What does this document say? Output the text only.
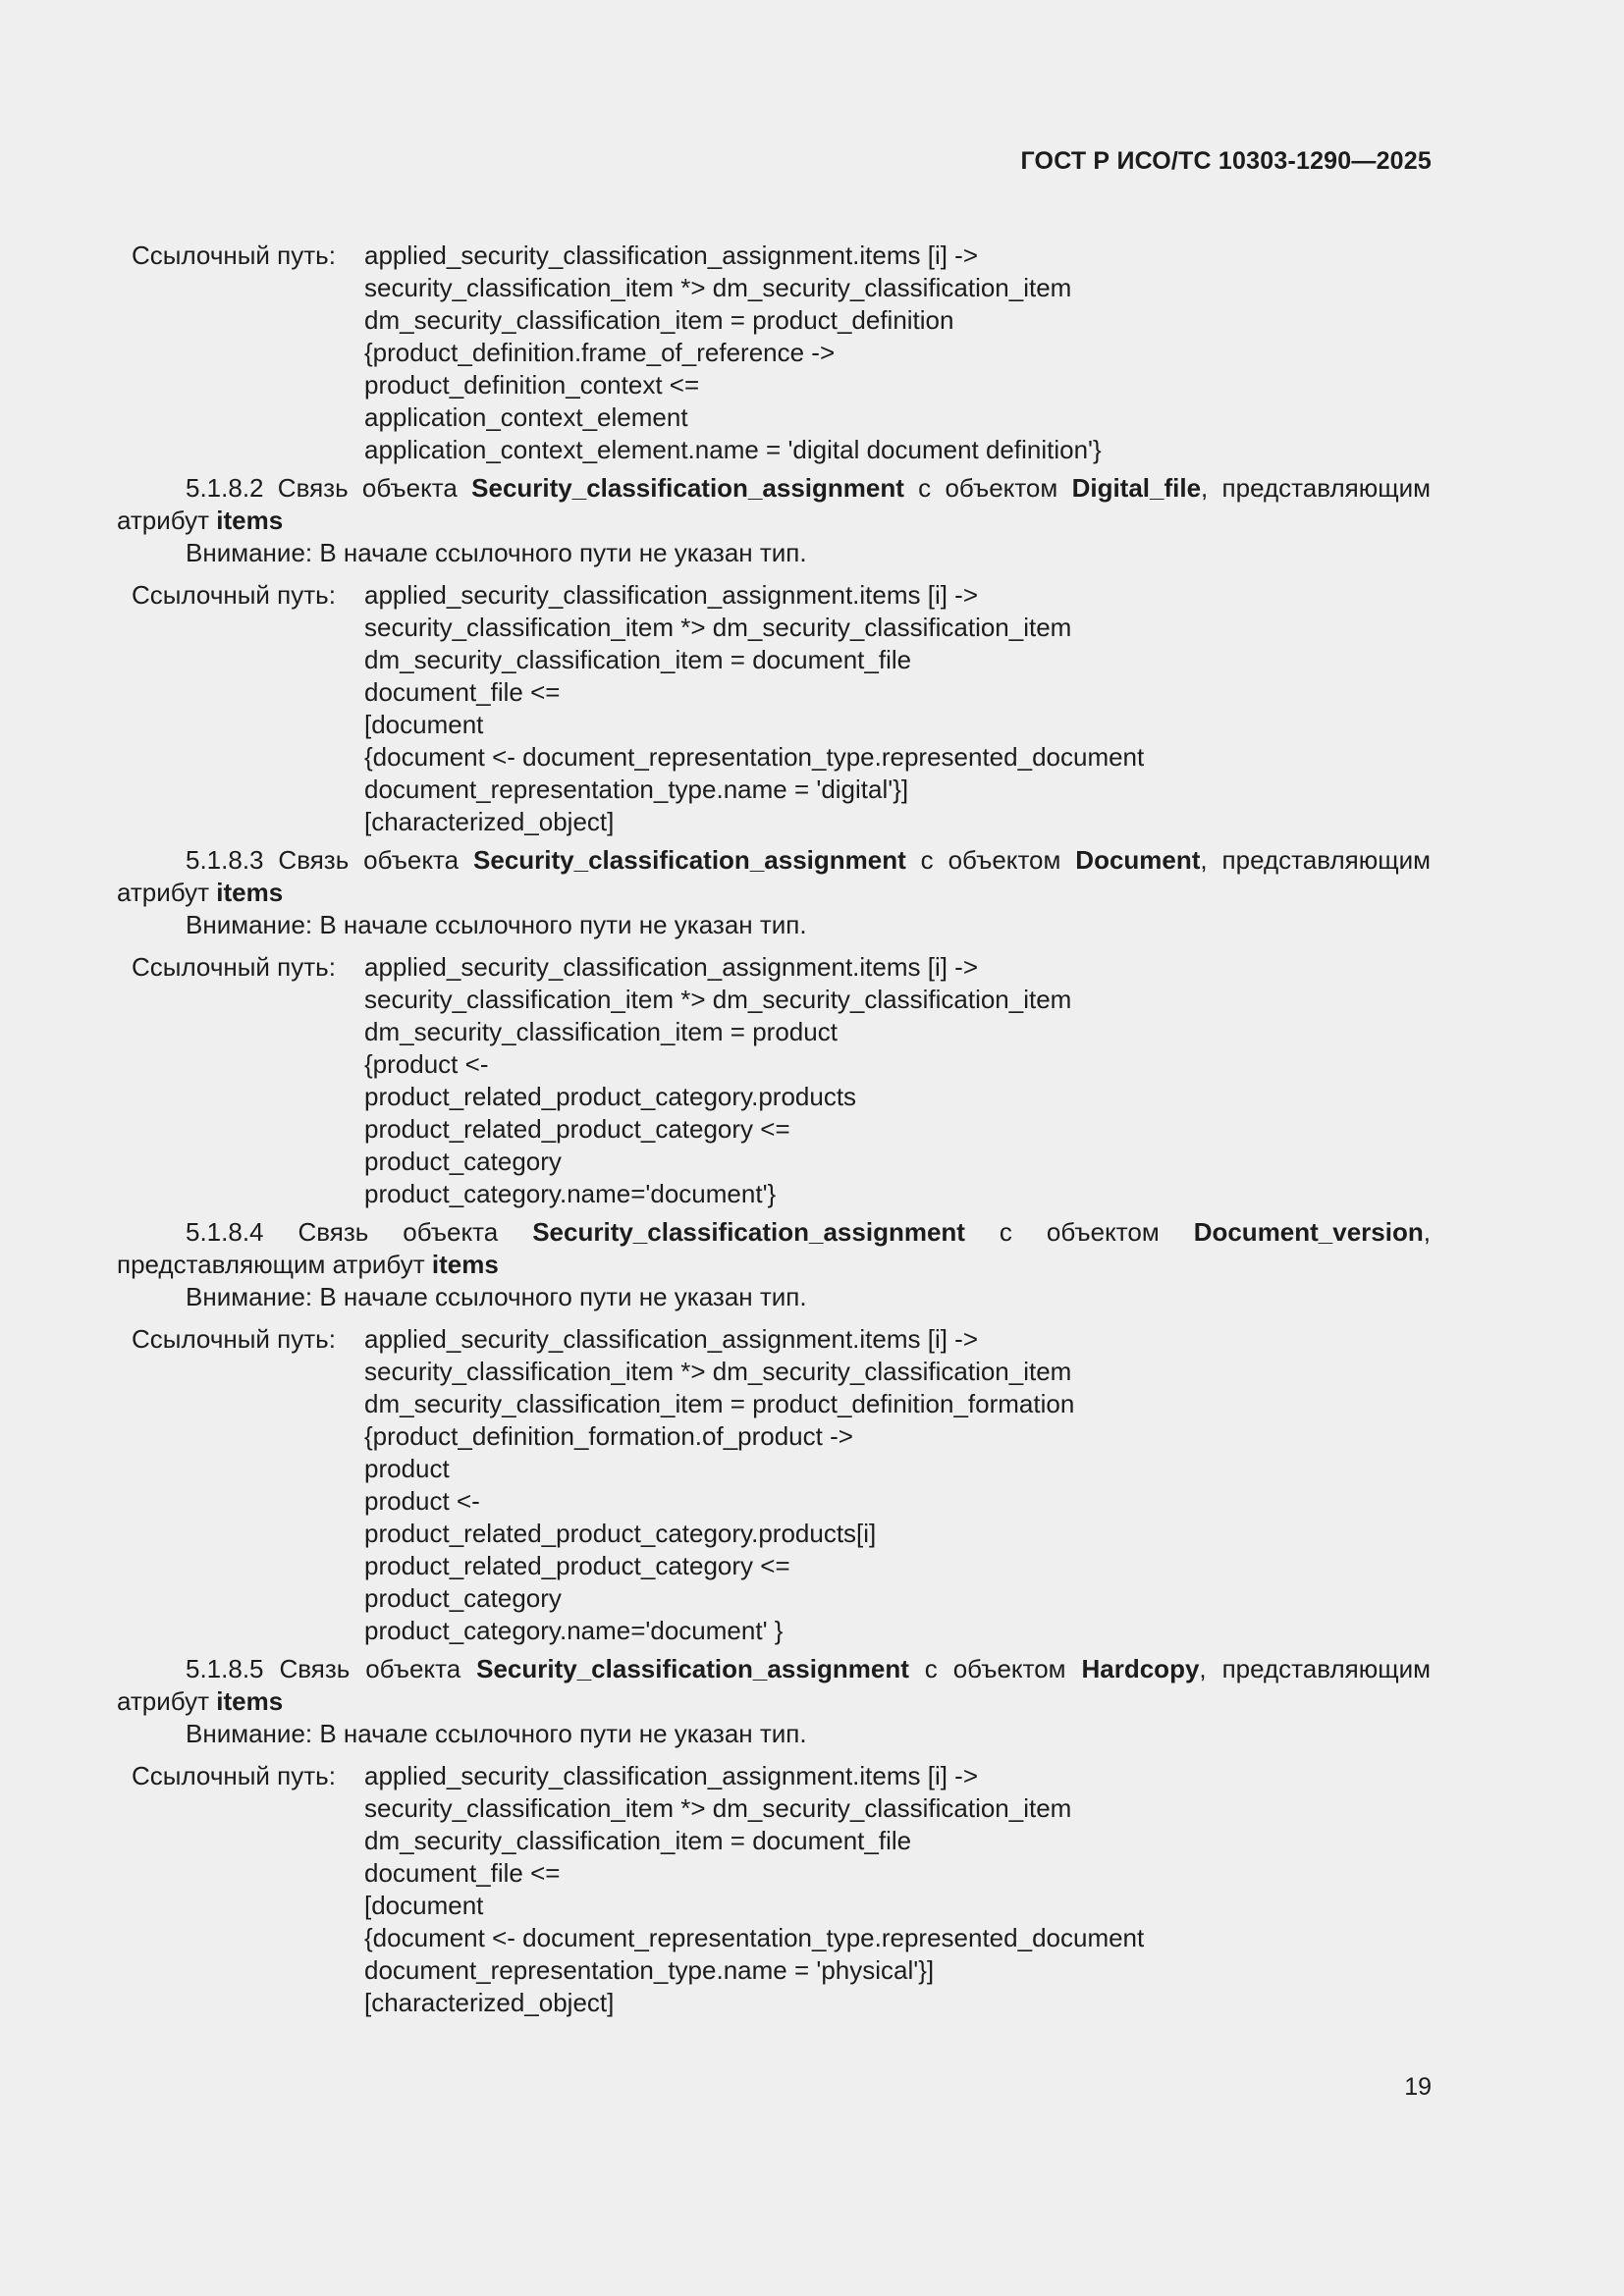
ГОСТ Р ИСО/ТС 10303-1290—2025
Ссылочный путь:	applied_security_classification_assignment.items [i] ->
security_classification_item *> dm_security_classification_item
dm_security_classification_item = product_definition
{product_definition.frame_of_reference ->
product_definition_context <=
application_context_element
application_context_element.name = 'digital document definition'}
5.1.8.2 Связь объекта Security_classification_assignment с объектом Digital_file, представляющим атрибут items
Внимание: В начале ссылочного пути не указан тип.
Ссылочный путь:	applied_security_classification_assignment.items [i] ->
security_classification_item *> dm_security_classification_item
dm_security_classification_item = document_file
document_file <=
[document
{document <- document_representation_type.represented_document
document_representation_type.name = 'digital'}]
[characterized_object]
5.1.8.3 Связь объекта Security_classification_assignment с объектом Document, представляющим атрибут items
Внимание: В начале ссылочного пути не указан тип.
Ссылочный путь:	applied_security_classification_assignment.items [i] ->
security_classification_item *> dm_security_classification_item
dm_security_classification_item = product
{product <-
product_related_product_category.products
product_related_product_category <=
product_category
product_category.name='document'}
5.1.8.4 Связь объекта Security_classification_assignment с объектом Document_version, представляющим атрибут items
Внимание: В начале ссылочного пути не указан тип.
Ссылочный путь:	applied_security_classification_assignment.items [i] ->
security_classification_item *> dm_security_classification_item
dm_security_classification_item = product_definition_formation
{product_definition_formation.of_product ->
product
product <-
product_related_product_category.products[i]
product_related_product_category <=
product_category
product_category.name='document' }
5.1.8.5 Связь объекта Security_classification_assignment с объектом Hardcopy, представляющим атрибут items
Внимание: В начале ссылочного пути не указан тип.
Ссылочный путь:	applied_security_classification_assignment.items [i] ->
security_classification_item *> dm_security_classification_item
dm_security_classification_item = document_file
document_file <=
[document
{document <- document_representation_type.represented_document
document_representation_type.name = 'physical'}]
[characterized_object]
19
